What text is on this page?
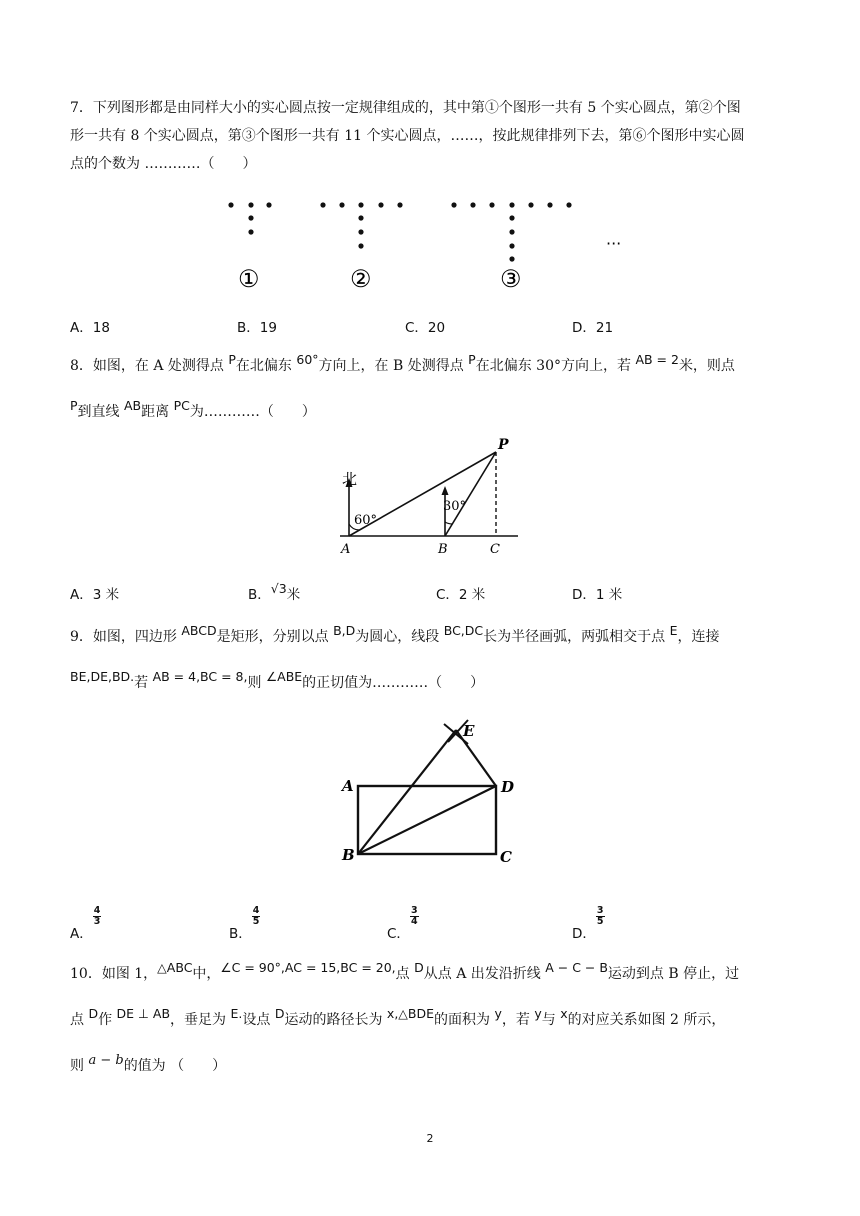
7．下列图形都是由同样大小的实心圆点按一定规律组成的，其中第①个图形一共有 5 个实心圆点，第②个图
形一共有 8 个实心圆点，第③个图形一共有 11 个实心圆点，……，按此规律排列下去，第⑥个图形中实心圆
点的个数为 …………（　　）
···
①	②	③
A．18	B．19	C．20	D．21
8．如图，在 A 处测得点 P在北偏东 60°方向上，在 B 处测得点 P在北偏东 30°方向上，若 AB = 2米，则点
P到直线 AB距离 PC为…………（　　）
北
60°
30°
A	B	C
P
A．3 米	B．√3米	C．2 米	D．1 米
9．如图，四边形 ABCD是矩形，分别以点 B,D为圆心，线段 BC,DC长为半径画弧，两弧相交于点 E，连接
BE,DE,BD.若 AB = 4,BC = 8,则 ∠ABE的正切值为…………（　　）
E
A	D
B	C
A．
$\frac{4}{3}$
B．
$\frac{4}{5}$
C．
$\frac{3}{4}$
D．
$\frac{3}{5}$
10．如图 1，△ABC中，∠C = 90°,AC = 15,BC = 20,点 D从点 A 出发沿折线 A − C − B运动到点 B 停止，过
点 D作 DE ⊥ AB，垂足为 E.设点 D运动的路径长为 x,△BDE的面积为 y，若 y与 x的对应关系如图 2 所示，
则 a − b的值为 （　　）
2
